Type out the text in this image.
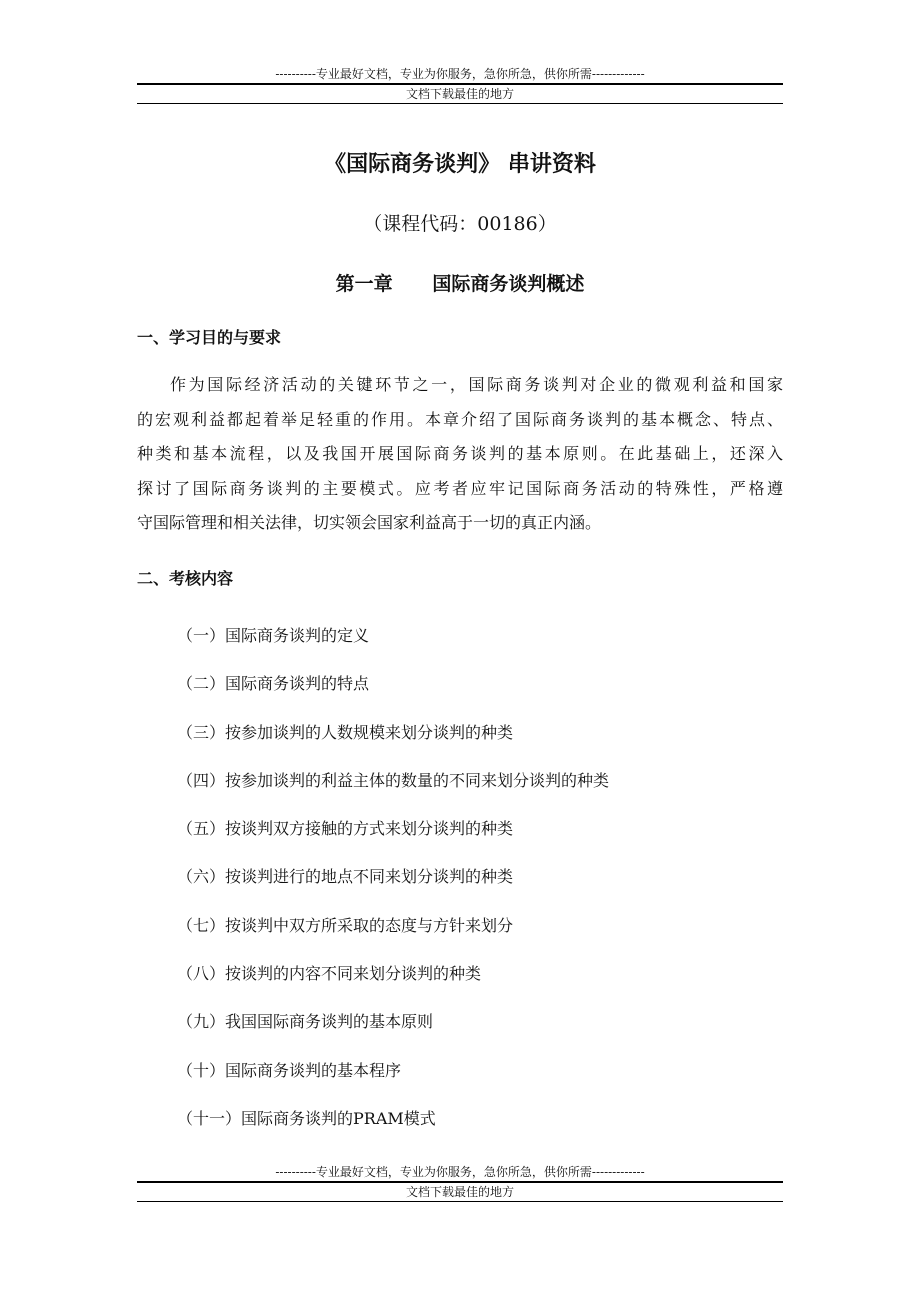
----------专业最好文档，专业为你服务，急你所急，供你所需-------------
文档下载最佳的地方
《国际商务谈判》 串讲资料
（课程代码：00186）
第一章      国际商务谈判概述
一、学习目的与要求
作为国际经济活动的关键环节之一，国际商务谈判对企业的微观利益和国家
的宏观利益都起着举足轻重的作用。本章介绍了国际商务谈判的基本概念、特点、
种类和基本流程，以及我国开展国际商务谈判的基本原则。在此基础上，还深入
探讨了国际商务谈判的主要模式。应考者应牢记国际商务活动的特殊性，严格遵
守国际管理和相关法律，切实领会国家利益高于一切的真正内涵。
二、考核内容
（一）国际商务谈判的定义
（二）国际商务谈判的特点
（三）按参加谈判的人数规模来划分谈判的种类
（四）按参加谈判的利益主体的数量的不同来划分谈判的种类
（五）按谈判双方接触的方式来划分谈判的种类
（六）按谈判进行的地点不同来划分谈判的种类
（七）按谈判中双方所采取的态度与方针来划分
（八）按谈判的内容不同来划分谈判的种类
（九）我国国际商务谈判的基本原则
（十）国际商务谈判的基本程序
（十一）国际商务谈判的PRAM模式
----------专业最好文档，专业为你服务，急你所急，供你所需-------------
文档下载最佳的地方
